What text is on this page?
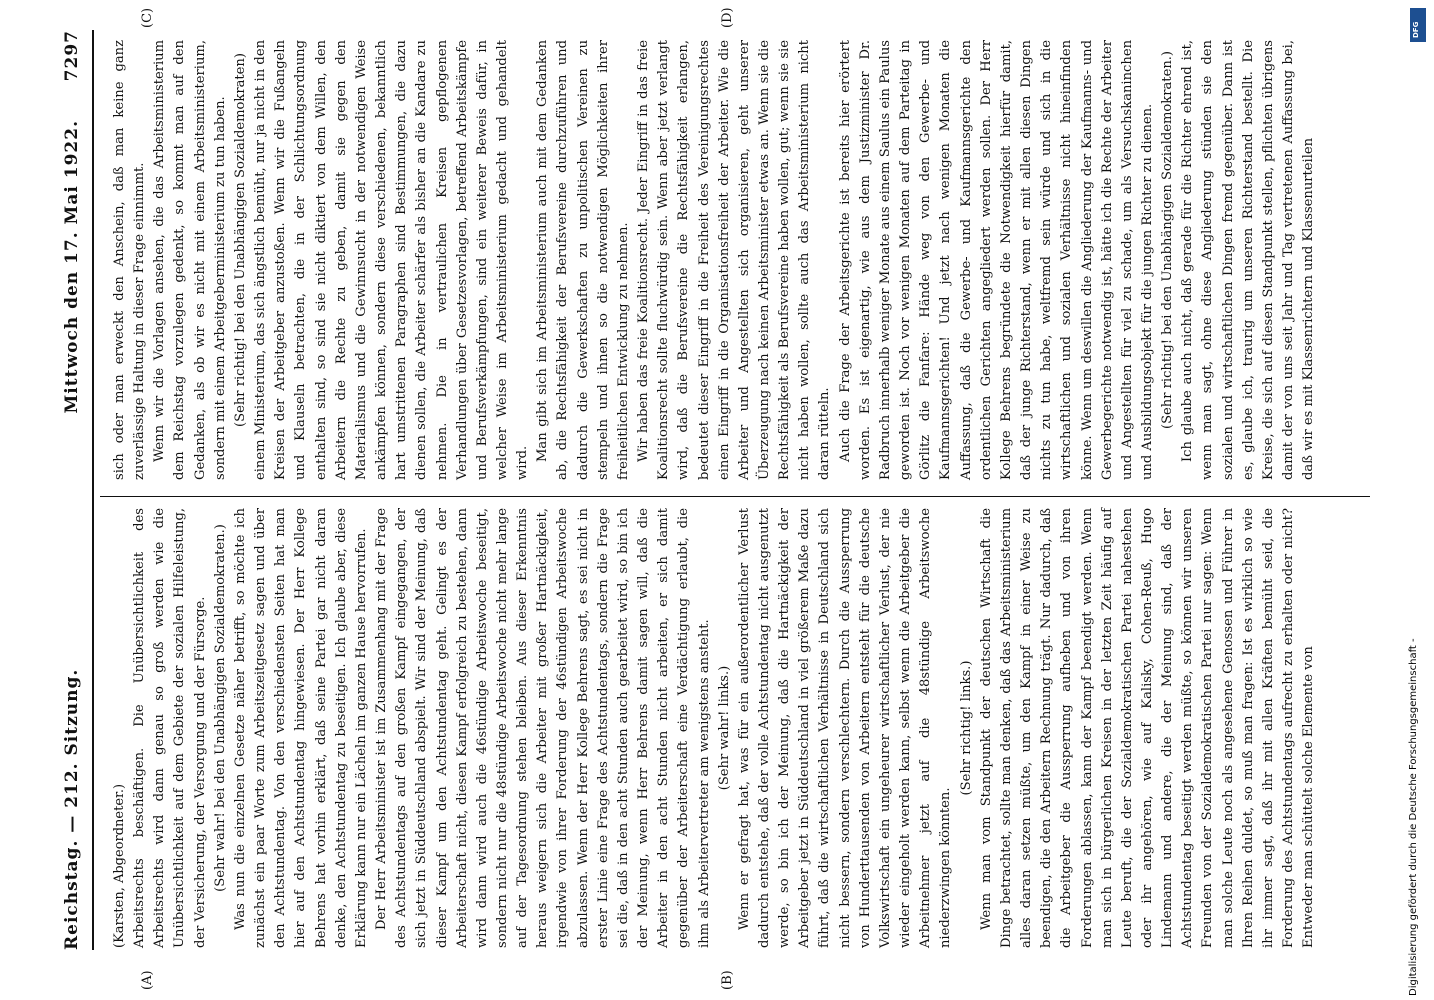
Reichstag. — 212. Sitzung.
Mittwoch den 17. Mai 1922.
7297
(A)	(B)
(C)	(D)

(Karsten, Abgeordneter.) Arbeitsrechts beschäftigen. Die Unübersichtlichkeit des Arbeitsrechts wird dann genau so groß werden wie die Unübersichtlichkeit auf dem Gebiete der sozialen Hilfeleistung, der Versicherung, der Versorgung und der Fürsorge. (Sehr wahr! bei den Unabhängigen Sozialdemokraten.) Was nun die einzelnen Gesetze näher betrifft, so möchte ich zunächst ein paar Worte zum Arbeitszeitgesetz sagen und über den Achtstundentag. Von den verschiedensten Seiten hat man hier auf den Achtstundentag hingewiesen. Der Herr Kollege Behrens hat vorhin erklärt, daß seine Partei gar nicht daran denke, den Achtstundentag zu beseitigen. Ich glaube aber, diese Erklärung kann nur ein Lächeln im ganzen Hause hervorrufen. Der Herr Arbeitsminister ist im Zusammenhang mit der Frage des Achtstundentags auf den großen Kampf eingegangen, der sich jetzt in Süddeutschland abspielt. Wir sind der Meinung, daß dieser Kampf um den Achtstundentag geht. Gelingt es der Arbeiterschaft nicht, diesen Kampf erfolgreich zu bestehen, dann wird dann wird auch die 46stündige Arbeitswoche beseitigt, sondern nicht nur die 48stündige Arbeitswoche nicht mehr lange auf der Tagesordnung stehen bleiben. Aus dieser Erkenntnis heraus weigern sich die Arbeiter mit großer Hartnäckigkeit, irgendwie von ihrer Forderung der 46stündigen Arbeitswoche abzulassen. Wenn der Herr Kollege Behrens sagt, es sei nicht in erster Linie eine Frage des Achtstundentags, sondern die Frage sei die, daß in den acht Stunden auch gearbeitet wird, so bin ich der Meinung, wenn Herr Behrens damit sagen will, daß die Arbeiter in den acht Stunden nicht arbeiten, er sich damit gegenüber der Arbeiterschaft eine Verdächtigung erlaubt, die ihm als Arbeitervertreter am wenigstens ansteht. (Sehr wahr! links.) Wenn er gefragt hat, was für ein außerordentlicher Verlust dadurch entstehe, daß der volle Achtstundentag nicht ausgenutzt werde, so bin ich der Meinung, daß die Hartnäckigkeit der Arbeitgeber jetzt in Süddeutschland in viel größerem Maße dazu führt, daß die wirtschaftlichen Verhältnisse in Deutschland sich nicht bessern, sondern verschlechtern. Durch die Aussperrung von Hunderttausenden von Arbeitern entsteht für die deutsche Volkswirtschaft ein ungeheurer wirtschaftlicher Verlust, der nie wieder eingeholt werden kann, selbst wenn die Arbeitgeber die Arbeitnehmer jetzt auf die 48stündige Arbeitswoche niederzwingen könnten.

(Sehr richtig! links.) Wenn man vom Standpunkt der deutschen Wirtschaft die Dinge betrachtet, sollte man denken, daß das Arbeitsministerium alles daran setzen müßte, um den Kampf in einer Weise zu beendigen, die den Arbeitern Rechnung trägt. Nur dadurch, daß die Arbeitgeber die Aussperrung aufheben und von ihren Forderungen ablassen, kann der Kampf beendigt werden. Wenn man sich in bürgerlichen Kreisen in der letzten Zeit häufig auf Leute beruft, die der Sozialdemokratischen Partei nahestehen oder ihr angehören, wie auf Kalisky, Cohen-Reuß, Hugo Lindemann und andere, die der Meinung sind, daß der Achtstundentag beseitigt werden müßte, so können wir unseren Freunden von der Sozialdemokratischen Partei nur sagen: Wenn man solche Leute noch als angesehene Genossen und Führer in Ihren Reihen duldet, so muß man fragen: Ist es wirklich so wie ihr immer sagt, daß ihr mit allen Kräften bemüht seid, die Forderung des Achtstundentags aufrecht zu erhalten oder nicht? Entweder man schüttelt solche Elemente von

sich oder man erweckt den Anschein, daß man keine ganz zuverlässige Haltung in dieser Frage einnimmt. Wenn wir die Vorlagen ansehen, die das Arbeitsministerium dem Reichstag vorzulegen gedenkt, so kommt man auf den Gedanken, als ob wir es nicht mit einem Arbeitsministerium, sondern mit einem Arbeitgeberministerium zu tun haben. (Sehr richtig! bei den Unabhängigen Sozialdemokraten) einem Ministerium, das sich ängstlich bemüht, nur ja nicht in den Kreisen der Arbeitgeber anzustoßen. Wenn wir die Fußangeln und Klauseln betrachten, die in der Schlichtungsordnung enthalten sind, so sind sie nicht diktiert von dem Willen, den Arbeitern die Rechte zu geben, damit sie gegen den Materialismus und die Gewinnsucht in der notwendigen Weise ankämpfen können, sondern diese verschiedenen, bekanntlich hart umstrittenen Paragraphen sind Bestimmungen, die dazu dienen sollen, die Arbeiter schärfer als bisher an die Kandare zu nehmen. Die in vertraulichen Kreisen gepflogenen Verhandlungen über Gesetzesvorlagen, betreffend Arbeitskämpfe und Berufsverkämpfungen, sind ein weiterer Beweis dafür, in welcher Weise im Arbeitsministerium gedacht und gehandelt wird.

Man gibt sich im Arbeitsministerium auch mit dem Gedanken ab, die Rechtsfähigkeit der Berufsvereine durchzuführen und dadurch die Gewerkschaften zu unpolitischen Vereinen zu stempeln und ihnen so die notwendigen Möglichkeiten ihrer freiheitlichen Entwicklung zu nehmen. Wir haben das freie Koalitionsrecht. Jeder Eingriff in das freie Koalitionsrecht sollte fluchwürdig sein. Wenn aber jetzt verlangt wird, daß die Berufsvereine die Rechtsfähigkeit erlangen, bedeutet dieser Eingriff in die Freiheit des Vereinigungsrechtes einen Eingriff in die Organisationsfreiheit der Arbeiter. Wie die Arbeiter und Angestellten sich organisieren, geht unserer Überzeugung nach keinen Arbeitsminister etwas an. Wenn sie die Rechtsfähigkeit als Berufsvereine haben wollen, gut; wenn sie sie nicht haben wollen, sollte auch das Arbeitsministerium nicht daran rütteln. Auch die Frage der Arbeitsgerichte ist bereits hier erörtert worden. Es ist eigenartig, wie aus dem Justizminister Dr. Radbruch innerhalb weniger Monate aus einem Saulus ein Paulus geworden ist. Noch vor wenigen Monaten auf dem Parteitag in Görlitz die Fanfare: Hände weg von den Gewerbe- und Kaufmannsgerichten! Und jetzt nach wenigen Monaten die Auffassung, daß die Gewerbe- und Kaufmannsgerichte den ordentlichen Gerichten angegliedert werden sollen. Der Herr Kollege Behrens begründete die Notwendigkeit hierfür damit, daß der junge Richterstand, wenn er mit allen diesen Dingen nichts zu tun habe, weltfremd sein würde und sich in die wirtschaftlichen und sozialen Verhältnisse nicht hineinfinden könne. Wenn um deswillen die Angliederung der Kaufmanns- und Gewerbegerichte notwendig ist, hätte ich die Rechte der Arbeiter und Angestellten für viel zu schade, um als Versuchskaninchen und Ausbildungsobjekt für die jungen Richter zu dienen. (Sehr richtig! bei den Unabhängigen Sozialdemokraten.) Ich glaube auch nicht, daß gerade für die Richter ehrend ist, wenn man sagt, ohne diese Angliederung stünden sie den sozialen und wirtschaftlichen Dingen fremd gegenüber. Dann ist es, glaube ich, traurig um unseren Richterstand bestellt. Die Kreise, die sich auf diesen Standpunkt stellen, pflichten übrigens damit der von uns seit Jahr und Tag vertretenen Auffassung bei, daß wir es mit Klassenrichtern und Klassenurteilen

DFG
Digitalisierung gefördert durch die Deutsche Forschungsgemeinschaft -
